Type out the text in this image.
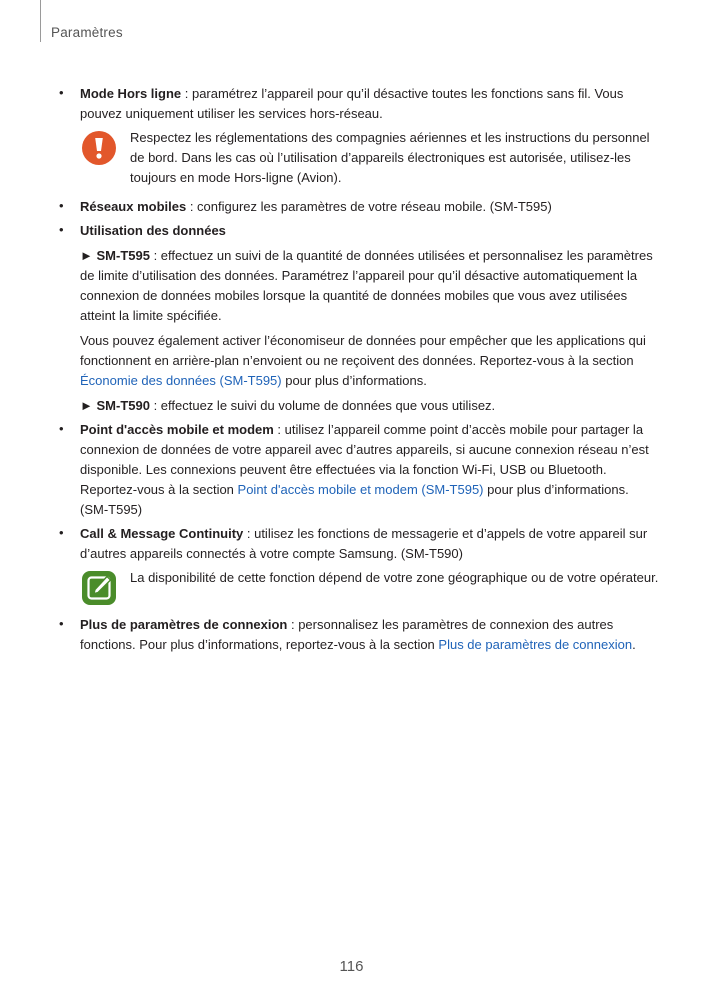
Paramètres
•	Mode Hors ligne : paramétrez l’appareil pour qu’il désactive toutes les fonctions sans fil. Vous pouvez uniquement utiliser les services hors-réseau.
Respectez les réglementations des compagnies aériennes et les instructions du personnel de bord. Dans les cas où l’utilisation d’appareils électroniques est autorisée, utilisez-les toujours en mode Hors-ligne (Avion).
•	Réseaux mobiles : configurez les paramètres de votre réseau mobile. (SM-T595)
•	Utilisation des données
► SM-T595 : effectuez un suivi de la quantité de données utilisées et personnalisez les paramètres de limite d’utilisation des données. Paramétrez l’appareil pour qu’il désactive automatiquement la connexion de données mobiles lorsque la quantité de données mobiles que vous avez utilisées atteint la limite spécifiée.
Vous pouvez également activer l’économiseur de données pour empêcher que les applications qui fonctionnent en arrière-plan n’envoient ou ne reçoivent des données. Reportez-vous à la section Économie des données (SM-T595) pour plus d’informations.
► SM-T590 : effectuez le suivi du volume de données que vous utilisez.
•	Point d'accès mobile et modem : utilisez l’appareil comme point d’accès mobile pour partager la connexion de données de votre appareil avec d’autres appareils, si aucune connexion réseau n’est disponible. Les connexions peuvent être effectuées via la fonction Wi-Fi, USB ou Bluetooth. Reportez-vous à la section Point d'accès mobile et modem (SM-T595) pour plus d’informations. (SM-T595)
•	Call & Message Continuity : utilisez les fonctions de messagerie et d’appels de votre appareil sur d’autres appareils connectés à votre compte Samsung. (SM-T590)
La disponibilité de cette fonction dépend de votre zone géographique ou de votre opérateur.
•	Plus de paramètres de connexion : personnalisez les paramètres de connexion des autres fonctions. Pour plus d’informations, reportez-vous à la section Plus de paramètres de connexion.
116
